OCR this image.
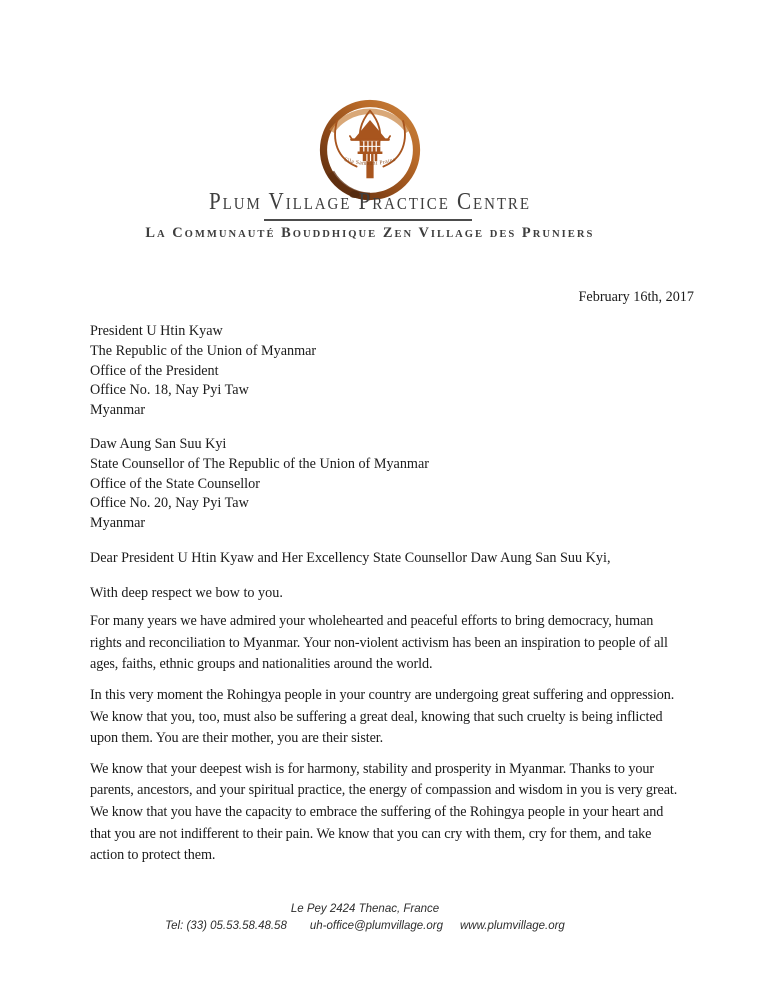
Sila Samadhi Prajna
Plum Village Practice Centre
La Communauté Bouddhique Zen Village des Pruniers
February 16th, 2017
President U Htin Kyaw
The Republic of the Union of Myanmar
Office of the President
Office No. 18, Nay Pyi Taw
Myanmar
Daw Aung San Suu Kyi
State Counsellor of The Republic of the Union of Myanmar
Office of the State Counsellor
Office No. 20, Nay Pyi Taw
Myanmar
Dear President U Htin Kyaw and Her Excellency State Counsellor Daw Aung San Suu Kyi,
With deep respect we bow to you.
For many years we have admired your wholehearted and peaceful efforts to bring democracy, human
rights and reconciliation to Myanmar. Your non-violent activism has been an inspiration to people of all
ages, faiths, ethnic groups and nationalities around the world.
In this very moment the Rohingya people in your country are undergoing great suffering and oppression.
We know that you, too, must also be suffering a great deal, knowing that such cruelty is being inflicted
upon them. You are their mother, you are their sister.
We know that your deepest wish is for harmony, stability and prosperity in Myanmar. Thanks to your
parents, ancestors, and your spiritual practice, the energy of compassion and wisdom in you is very great.
We know that you have the capacity to embrace the suffering of the Rohingya people in your heart and
that you are not indifferent to their pain. We know that you can cry with them, cry for them, and take
action to protect them.
Le Pey 2424 Thenac, France
Tel: (33) 05.53.58.48.58 uh-office@plumvillage.org www.plumvillage.org
